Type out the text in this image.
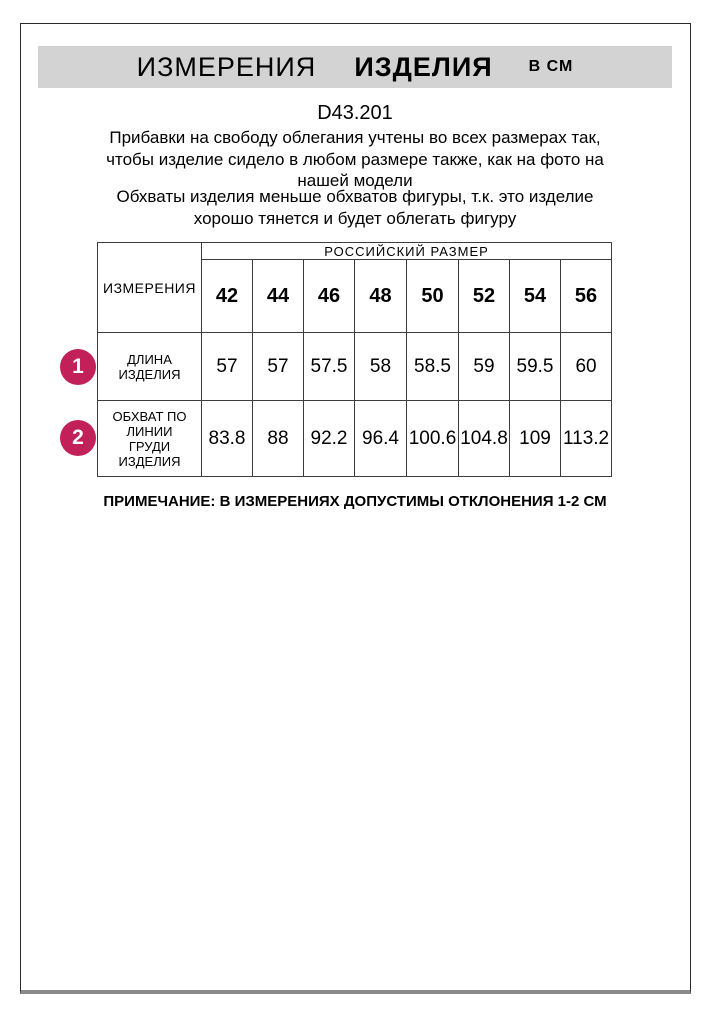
ИЗМЕРЕНИЯ ИЗДЕЛИЯ В СМ
D43.201

Прибавки на свободу облегания учтены во всех размерах так, чтобы изделие сидело в любом размере также, как на фото на нашей модели

Обхваты изделия меньше обхватов фигуры, т.к. это изделие хорошо тянется и будет облегать фигуру

ИЗМЕРЕНИЯ	РОССИЙСКИЙ РАЗМЕР							
	42	44	46	48	50	52	54	56
ДЛИНА ИЗДЕЛИЯ	57	57	57.5	58	58.5	59	59.5	60
ОБХВАТ ПО ЛИНИИ ГРУДИ ИЗДЕЛИЯ	83.8	88	92.2	96.4	100.6	104.8	109	113.2
1
2
ПРИМЕЧАНИЕ: В ИЗМЕРЕНИЯХ ДОПУСТИМЫ ОТКЛОНЕНИЯ 1-2 СМ
